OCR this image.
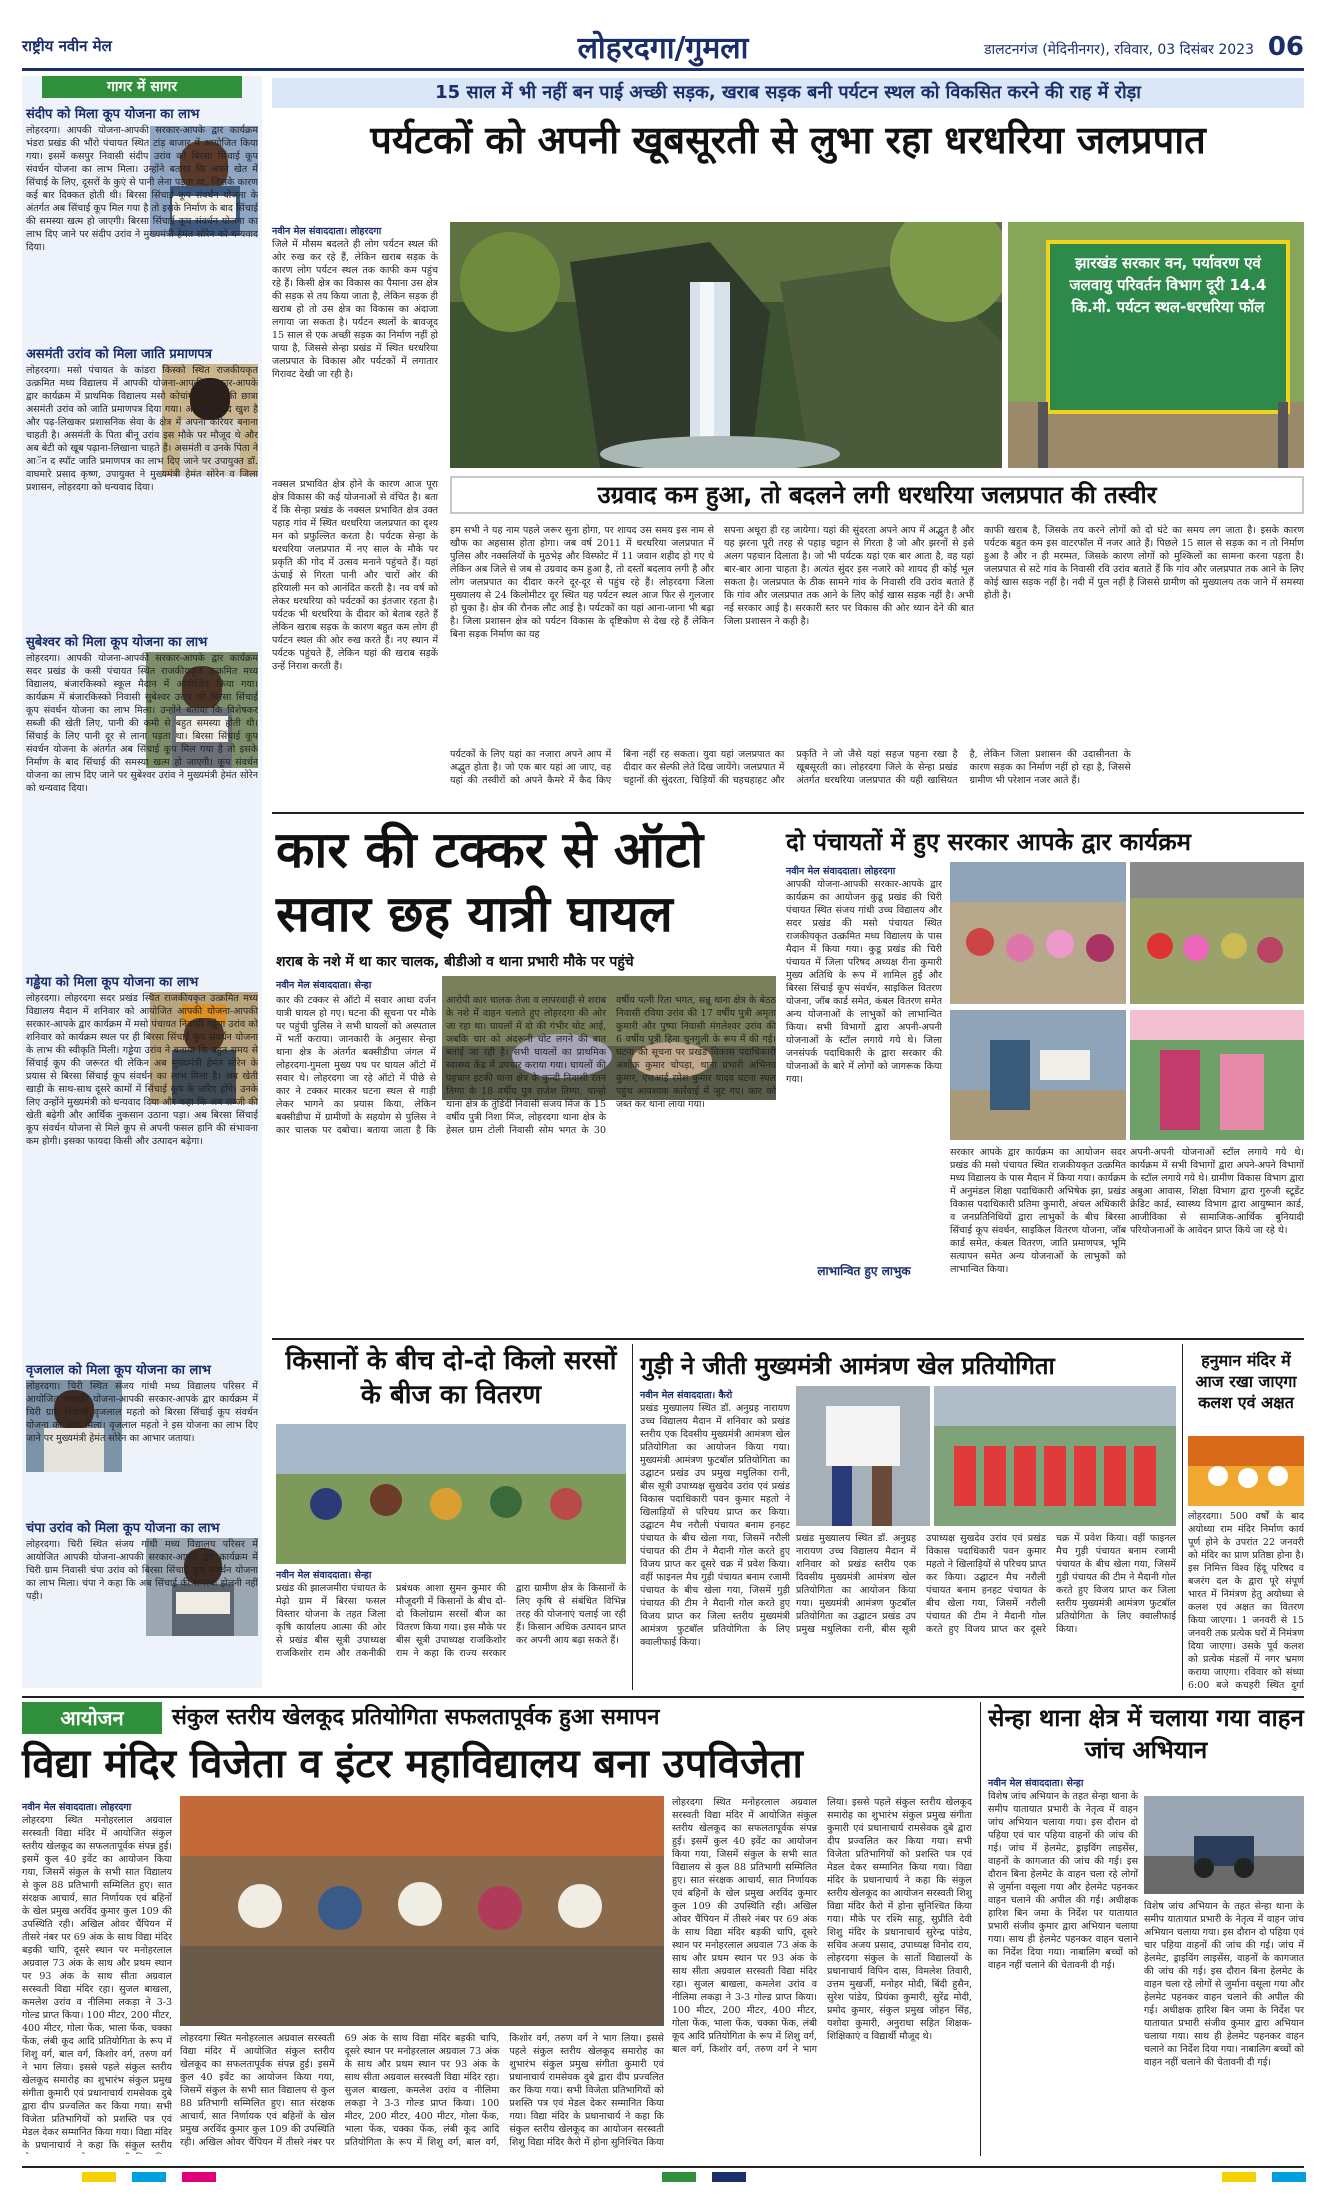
राष्ट्रीय नवीन मेल	लोहरदगा/गुमला	डालटनगंज (मेदिनीनगर), रविवार, 03 दिसंबर 2023 06
गागर में सागर
संदीप को मिला कूप योजना का लाभ
लोहरदगा। आपकी योजना-आपकी सरकार-आपके द्वार कार्यक्रम भंडरा प्रखंड की भौंरो पंचायत स्थित टांड़ बाजार में आयोजित किया गया। इसमें कसपुर निवासी संदीप उरांव को बिरसा सिंचाई कूप संवर्धन योजना का लाभ मिला। उन्होंने बताया कि अपने खेत में सिंचाई के लिए, दूसरों के कुएं से पानी लेना पड़ता था, जिसके कारण कई बार दिक्कत होती थी। बिरसा सिंचाई कूप संवर्धन योजना के अंतर्गत अब सिंचाई कूप मिल गया है तो इसके निर्माण के बाद सिंचाई की समस्या खत्म हो जाएगी। बिरसा सिंचाई कूप संवर्धन योजना का लाभ दिए जाने पर संदीप उरांव ने मुख्यमंत्री हेमंत सोरेन को धन्यवाद दिया।
असमंती उरांव को मिला जाति प्रमाणपत्र
लोहरदगा। मसो पंचायत के कांडरा किस्को स्थित राजकीयकृत उत्क्रमित मध्य विद्यालय में आपकी योजना-आपकी सरकार-आपके द्वार कार्यक्रम में प्राथमिक विद्यालय मसो कोचांगचों कक्षा की छात्रा असमंती उरांव को जाति प्रमाणपत्र दिया गया। असमंती बेहद खुश है और पढ़-लिखकर प्रशासनिक सेवा के क्षेत्र में अपना करियर बनाना चाहती है। असमंती के पिता बीनू उरांव इस मौके पर मौजूद थे और अब बेटी को खूब पढ़ाना-लिखाना चाहते हैं। असमंती व उनके पिता ने आॅन द स्पॉट जाति प्रमाणपत्र का लाभ दिए जाने पर उपायुक्त डॉ. वाघमारे प्रसाद कृष्ण, उपायुक्त ने मुख्यमंत्री हेमंत सोरेन व जिला प्रशासन, लोहरदगा को धन्यवाद दिया।
सुबेश्वर को मिला कूप योजना का लाभ
लोहरदगा। आपकी योजना-आपकी सरकार-आपके द्वार कार्यक्रम सदर प्रखंड के कसी पंचायत स्थित राजकीयकृत उत्क्रमित मध्य विद्यालय, बंजारकिस्को स्कूल मैदान में आयोजित किया गया। कार्यक्रम में बंजारकिस्को निवासी सुबेश्वर उरांव को बिरसा सिंचाई कूप संवर्धन योजना का लाभ मिला। उन्होंने बताया कि विशेषकर सब्जी की खेती लिए, पानी की कमी से बहुत समस्या होती थी। सिंचाई के लिए पानी दूर से लाना पड़ता था। बिरसा सिंचाई कूप संवर्धन योजना के अंतर्गत अब सिंचाई कूप मिल गया है तो इसके निर्माण के बाद सिंचाई की समस्या खत्म हो जाएगी। कूप संवर्धन योजना का लाभ दिए जाने पर सुबेश्वर उरांव ने मुख्यमंत्री हेमंत सोरेन को धन्यवाद दिया।
गड्ढेया को मिला कूप योजना का लाभ
लोहरदगा। लोहरदगा सदर प्रखंड स्थित राजकीयकृत उत्क्रमित मध्य विद्यालय मैदान में शनिवार को आयोजित आपकी योजना-आपकी सरकार-आपके द्वार कार्यक्रम में मसो पंचायत निवासी गड्ढेया उरांव को शनिवार को कार्यक्रम स्थल पर ही बिरसा सिंचाई कूप संवर्धन योजना के लाभ की स्वीकृति मिली। गड्ढेया उरांव ने बताया कि बहुत समय से सिंचाई कूप की जरूरत थी लेकिन अब मुख्यमंत्री हेमंत सोरेन के प्रयास से बिरसा सिंचाई कूप संवर्धन का लाभ मिला है। अब खेती खाड़ी के साथ-साथ दूसरे कामों में सिंचाई कूप के जरिए होंगे। उनके लिए उन्होंने मुख्यमंत्री को धन्यवाद दिया और कहा कि अब सब्जी की खेती बढ़ेगी और आर्थिक नुकसान उठाना पड़ा। अब बिरसा सिंचाई कूप संवर्धन योजना से मिले कूप से अपनी फसल हानि की संभावना कम होगी। इसका फायदा किसी और उत्पादन बढ़ेगा।
वृजलाल को मिला कूप योजना का लाभ
लोहरदगा। चिरी स्थित संजय गांधी मध्य विद्यालय परिसर में आयोजित आपकी योजना-आपकी सरकार-आपके द्वार कार्यक्रम में चिरी ग्राम निवासी वृजलाल महतो को बिरसा सिंचाई कूप संवर्धन योजना का लाभ मिला। वृजलाल महतो ने इस योजना का लाभ दिए जाने पर मुख्यमंत्री हेमंत सोरेन का आभार जताया।
चंपा उरांव को मिला कूप योजना का लाभ
लोहरदगा। चिरी स्थित संजय गांधी मध्य विद्यालय परिसर में आयोजित आपकी योजना-आपकी सरकार-आपके द्वार कार्यक्रम में चिरी ग्राम निवासी चंपा उरांव को बिरसा सिंचाई कूप संवर्धन योजना का लाभ मिला। चंपा ने कहा कि अब सिंचाई की समस्या झेलनी नहीं पड़ी।
15 साल में भी नहीं बन पाई अच्छी सड़क, खराब सड़क बनी पर्यटन स्थल को विकसित करने की राह में रोड़ा
पर्यटकों को अपनी खूबसूरती से लुभा रहा धरधरिया जलप्रपात
नवीन मेल संवाददाता। लोहरदगा
जिले में मौसम बदलते ही लोग पर्यटन स्थल की ओर रुख कर रहे हैं, लेकिन खराब सड़क के कारण लोग पर्यटन स्थल तक काफी कम पहुंच रहे हैं। किसी क्षेत्र का विकास का पैमाना उस क्षेत्र की सड़क से तय किया जाता है, लेकिन सड़क ही खराब हो तो उस क्षेत्र का विकास का अंदाजा लगाया जा सकता है। पर्यटन स्थलों के बावजूद 15 साल से एक अच्छी सड़क का निर्माण नहीं हो पाया है, जिससे सेन्हा प्रखंड में स्थित धरधरिया जलप्रपात के विकास और पर्यटकों में लगातार गिरावट देखी जा रही है।
नक्सल प्रभावित क्षेत्र होने के कारण आज पूरा क्षेत्र विकास की कई योजनाओं से वंचित है। बता दें कि सेन्हा प्रखंड के नक्सल प्रभावित क्षेत्र उक्त पहाड़ गांव में स्थित धरधरिया जलप्रपात का दृश्य मन को प्रफुल्लित करता है। पर्यटक सेन्हा के धरधरिया जलप्रपात में नए साल के मौके पर प्रकृति की गोद में उत्सव मनाने पहुंचते हैं। यहां ऊंचाई से गिरता पानी और चारों ओर की हरियाली मन को आनंदित करती है। नव वर्ष को लेकर धरधरिया को पर्यटकों का इंतजार रहता है। पर्यटक भी धरधरिया के दीदार को बेताब रहते हैं लेकिन खराब सड़क के कारण बहुत कम लोग ही पर्यटन स्थल की ओर रुख करते हैं। नए स्थान में पर्यटक पहुंचते हैं, लेकिन यहां की खराब सड़कें उन्हें निराश करती हैं।
झारखंड सरकार वन, पर्यावरण एवं जलवायु परिवर्तन विभाग दूरी 14.4 कि.मी. पर्यटन स्थल-धरधरिया फॉल
उग्रवाद कम हुआ, तो बदलने लगी धरधरिया जलप्रपात की तस्वीर
हम सभी ने यह नाम पहले जरूर सुना होगा, पर शायद उस समय इस नाम से खौफ का अहसास होता होगा। जब वर्ष 2011 में धरधरिया जलप्रपात में पुलिस और नक्सलियों के मुठभेड़ और विस्फोट में 11 जवान शहीद हो गए थे लेकिन अब जिले से जब से उग्रवाद कम हुआ है, तो दस्तों बदलाव लगी है और लोग जलप्रपात का दीदार करने दूर-दूर से पहुंच रहे हैं। लोहरदगा जिला मुख्यालय से 24 किलोमीटर दूर स्थित यह पर्यटन स्थल आज फिर से गुलजार हो चुका है। क्षेत्र की रौनक लौट आई है। पर्यटकों का यहां आना-जाना भी बढ़ा है। जिला प्रशासन क्षेत्र को पर्यटन विकास के दृष्टिकोण से देख रहे हैं लेकिन बिना सड़क निर्माण का यह
सपना अधूरा ही रह जायेगा। यहां की सुंदरता अपने आप में अद्भुत है और यह झरना पूरी तरह से पहाड़ चट्टान से गिरता है जो और झरनों से इसे अलग पहचान दिलाता है। जो भी पर्यटक यहां एक बार आता है, वह यहां बार-बार आना चाहता है। अत्यंत सुंदर इस नजारे को शायद ही कोई भूल सकता है। जलप्रपात के ठीक सामने गांव के निवासी रवि उरांव बताते हैं कि गांव और जलप्रपात तक आने के लिए कोई खास सड़क नहीं है। अभी नई सरकार आई है। सरकारी स्तर पर विकास की ओर ध्यान देने की बात जिला प्रशासन ने कही है।
काफी खराब है, जिसके तय करने लोगों को दो घंटे का समय लग जाता है। इसके कारण पर्यटक बहुत कम इस वाटरफॉल में नजर आते हैं। पिछले 15 साल से सड़क का न तो निर्माण हुआ है और न ही मरम्मत, जिसके कारण लोगों को मुश्किलों का सामना करना पड़ता है। जलप्रपात से सटे गांव के निवासी रवि उरांव बताते हैं कि गांव और जलप्रपात तक आने के लिए कोई खास सड़क नहीं है। नदी में पुल नहीं है जिससे ग्रामीण को मुख्यालय तक जाने में समस्या होती है।
पर्यटकों के लिए यहां का नजारा अपने आप में अद्भुत होता है। जो एक बार यहां आ जाए, वह यहां की तस्वीरों को अपने कैमरे में कैद किए बिना नहीं रह सकता। युवा यहां जलप्रपात का दीदार कर सेल्फी लेते दिख जायेंगे। जलप्रपात में चट्टानों की सुंदरता, चिड़ियों की चहचहाहट और प्रकृति ने जो जैसे यहां सहज पहना रखा है खूबसूरती का। लोहरदगा जिले के सेन्हा प्रखंड अंतर्गत धरधरिया जलप्रपात की यही खासियत है, लेकिन जिला प्रशासन की उदासीनता के कारण सड़क का निर्माण नहीं हो रहा है, जिससे ग्रामीण भी परेशान नजर आते हैं।
कार की टक्कर से ऑटो सवार छह यात्री घायल
शराब के नशे में था कार चालक, बीडीओ व थाना प्रभारी मौके पर पहुंचे
नवीन मेल संवाददाता। सेन्हा
कार की टक्कर से ऑटो में सवार आधा दर्जन यात्री घायल हो गए। घटना की सूचना पर मौके पर पहुंची पुलिस ने सभी घायलों को अस्पताल में भर्ती कराया। जानकारी के अनुसार सेन्हा थाना क्षेत्र के अंतर्गत बक्सीडीपा जंगल में लोहरदगा-गुमला मुख्य पथ पर घायल ऑटो में सवार थे। लोहरदगा जा रहे ऑटो में पीछे से कार ने टक्कर मारकर घटना स्थल से गाड़ी लेकर भागने का प्रयास किया, लेकिन बक्सीडीपा में ग्रामीणों के सहयोग से पुलिस ने कार चालक पर दबोचा। बताया जाता है कि आरोपी कार चालक तेजा व लापरवाही से शराब के नशे में वाहन चलाते हुए लोहरदगा की ओर जा रहा था। घायलों में दो की गंभीर चोट आई, जबकि चार को अंदरूनी चोट लगने की बात बताई जा रही है। सभी घायलों का प्राथमिक स्वास्थ्य केंद्र में उपचार कराया गया। घायलों की पहचान इटकी थाना क्षेत्र के कुन्दी निवासी रतन तिग्गा के 18 वर्षीय पुत्र राजेश तिग्गा, चान्हो थाना क्षेत्र के तुंडिदी निवासी संजय मिंज के 15 वर्षीय पुत्री निशा मिंज, लोहरदगा थाना क्षेत्र के हेसल ग्राम टोली निवासी सोम भगत के 30 वर्षीय पत्नी रिता भगत, सन्नू थाना क्षेत्र के बेठठ निवासी रविया उरांव की 17 वर्षीय पुत्री अमृता कुमारी और पुष्पा निवासी मंगलेश्वर उरांव की 6 वर्षीय पुत्री हिना चुनगुली के रूप में की गई। घटना की सूचना पर प्रखंड विकास पदाधिकारी अशोक कुमार चोपड़ा, थाना प्रभारी अभिनव कुमार, एसआई रमेश कुमार यादव घटना स्थल पहुंच आवश्यक कार्रवाई में जुट गए। कार को जब्त कर थाना लाया गया।
दो पंचायतों में हुए सरकार आपके द्वार कार्यक्रम
नवीन मेल संवाददाता। लोहरदगा
आपकी योजना-आपकी सरकार-आपके द्वार कार्यक्रम का आयोजन कुडू प्रखंड की चिरी पंचायत स्थित संजय गांधी उच्च विद्यालय और सदर प्रखंड की मसो पंचायत स्थित राजकीयकृत उत्क्रमित मध्य विद्यालय के पास मैदान में किया गया। कुडू प्रखंड की चिरी पंचायत में जिला परिषद अध्यक्ष रीना कुमारी मुख्य अतिथि के रूप में शामिल हुईं और बिरसा सिंचाई कूप संवर्धन, साइकिल वितरण योजना, जॉब कार्ड समेत, कंबल वितरण समेत अन्य योजनाओं के लाभुकों को लाभान्वित किया। सभी विभागों द्वारा अपनी-अपनी योजनाओं के स्टॉल लगाये गये थे। जिला जनसंपर्क पदाधिकारी के द्वारा सरकार की योजनाओं के बारे में लोगों को जागरूक किया गया।
सरकार आपके द्वार कार्यक्रम का आयोजन सदर प्रखंड की मसो पंचायत स्थित राजकीयकृत उत्क्रमित मध्य विद्यालय के पास मैदान में किया गया। कार्यक्रम में अनुमंडल शिक्षा पदाधिकारी अभिषेक झा, प्रखंड विकास पदाधिकारी प्रतिमा कुमारी, अंचल अधिकारी व जनप्रतिनिधियों द्वारा लाभुकों के बीच बिरसा सिंचाई कूप संवर्धन, साइकिल वितरण योजना, जॉब कार्ड समेत, कंबल वितरण, जाति प्रमाणपत्र, भूमि सत्यापन समेत अन्य योजनाओं के लाभुकों को लाभान्वित किया।
अपनी-अपनी योजनाओं स्टॉल लगाये गये थे। कार्यक्रम में सभी विभागों द्वारा अपने-अपने विभागों के स्टॉल लगाये गये थे। ग्रामीण विकास विभाग द्वारा अबुआ आवास, शिक्षा विभाग द्वारा गुरुजी स्टूडेंट क्रेडिट कार्ड, स्वास्थ्य विभाग द्वारा आयुष्मान कार्ड, आजीविका से सामाजिक-आर्थिक बुनियादी परियोजनाओं के आवेदन प्राप्त किये जा रहे थे।
लाभान्वित हुए लाभुक
किसानों के बीच दो-दो किलो सरसों के बीज का वितरण
नवीन मेल संवाददाता। सेन्हा
प्रखंड की झालजमीरा पंचायत के मेढ़ो ग्राम में बिरसा फसल विस्तार योजना के तहत जिला कृषि कार्यालय आत्मा की ओर से प्रखंड बीस सूत्री उपाध्यक्ष राजकिशोर राम और तकनीकी प्रबंधक आशा सुमन कुमार की मौजूदगी में किसानों के बीच दो-दो किलोग्राम सरसों बीज का वितरण किया गया। इस मौके पर बीस सूत्री उपाध्यक्ष राजकिशोर राम ने कहा कि राज्य सरकार द्वारा ग्रामीण क्षेत्र के किसानों के लिए कृषि से संबंधित विभिन्न तरह की योजनाएं चलाई जा रही हैं। किसान अधिक उत्पादन प्राप्त कर अपनी आय बढ़ा सकते हैं।
गुड़ी ने जीती मुख्यमंत्री आमंत्रण खेल प्रतियोगिता
नवीन मेल संवाददाता। कैरो
प्रखंड मुख्यालय स्थित डॉ. अनुग्रह नारायण उच्च विद्यालय मैदान में शनिवार को प्रखंड स्तरीय एक दिवसीय मुख्यमंत्री आमंत्रण खेल प्रतियोगिता का आयोजन किया गया। मुख्यमंत्री आमंत्रण फुटबॉल प्रतियोगिता का उद्घाटन प्रखंड उप प्रमुख मधुलिका रानी, बीस सूत्री उपाध्यक्ष सुखदेव उरांव एवं प्रखंड विकास पदाधिकारी पवन कुमार महतो ने खिलाड़ियों से परिचय प्राप्त कर किया। उद्घाटन मैच नरौली पंचायत बनाम हनहट पंचायत के बीच खेला गया, जिसमें नरौली पंचायत की टीम ने मैदानी गोल करते हुए विजय प्राप्त कर दूसरे चक्र में प्रवेश किया। वहीं फाइनल मैच गुड़ी पंचायत बनाम रजामी पंचायत के बीच खेला गया, जिसमें गुड़ी पंचायत की टीम ने मैदानी गोल करते हुए विजय प्राप्त कर जिला स्तरीय मुख्यमंत्री आमंत्रण फुटबॉल प्रतियोगिता के लिए क्वालीफाई किया।
प्रखंड मुख्यालय स्थित डॉ. अनुग्रह नारायण उच्च विद्यालय मैदान में शनिवार को प्रखंड स्तरीय एक दिवसीय मुख्यमंत्री आमंत्रण खेल प्रतियोगिता का आयोजन किया गया। मुख्यमंत्री आमंत्रण फुटबॉल प्रतियोगिता का उद्घाटन प्रखंड उप प्रमुख मधुलिका रानी, बीस सूत्री उपाध्यक्ष सुखदेव उरांव एवं प्रखंड विकास पदाधिकारी पवन कुमार महतो ने खिलाड़ियों से परिचय प्राप्त कर किया। उद्घाटन मैच नरौली पंचायत बनाम हनहट पंचायत के बीच खेला गया, जिसमें नरौली पंचायत की टीम ने मैदानी गोल करते हुए विजय प्राप्त कर दूसरे चक्र में प्रवेश किया। वहीं फाइनल मैच गुड़ी पंचायत बनाम रजामी पंचायत के बीच खेला गया, जिसमें गुड़ी पंचायत की टीम ने मैदानी गोल करते हुए विजय प्राप्त कर जिला स्तरीय मुख्यमंत्री आमंत्रण फुटबॉल प्रतियोगिता के लिए क्वालीफाई किया।
हनुमान मंदिर में आज रखा जाएगा कलश एवं अक्षत
लोहरदगा। 500 वर्षों के बाद अयोध्या राम मंदिर निर्माण कार्य पूर्ण होने के उपरांत 22 जनवरी को मंदिर का प्राण प्रतिष्ठा होना है। इस निमित्त विश्व हिंदू परिषद व बजरंग दल के द्वारा पूरे संपूर्ण भारत में निमंत्रण हेतु अयोध्या से कलश एवं अक्षत का वितरण किया जाएगा। 1 जनवरी से 15 जनवरी तक प्रत्येक घरों में निमंत्रण दिया जाएगा। उसके पूर्व कलश को प्रत्येक मंडलों में नगर भ्रमण कराया जाएगा। रविवार को संध्या 6:00 बजे कचहरी स्थित दुर्गा
आयोजन	संकुल स्तरीय खेलकूद प्रतियोगिता सफलतापूर्वक हुआ समापन
विद्या मंदिर विजेता व इंटर महाविद्यालय बना उपविजेता
नवीन मेल संवाददाता। लोहरदगा
लोहरदगा स्थित मनोहरलाल अग्रवाल सरस्वती विद्या मंदिर में आयोजित संकुल स्तरीय खेलकूद का सफलतापूर्वक संपन्न हुई। इसमें कुल 40 इवेंट का आयोजन किया गया, जिसमें संकुल के सभी सात विद्यालय से कुल 88 प्रतिभागी सम्मिलित हुए। सात संरक्षक आचार्य, सात निर्णायक एवं बहिनों के खेल प्रमुख अरविंद कुमार कुल 109 की उपस्थिति रही। अखिल ओवर चैंपियन में तीसरे नंबर पर 69 अंक के साथ विद्या मंदिर बड़की चापि, दूसरे स्थान पर मनोहरलाल अग्रवाल 73 अंक के साथ और प्रथम स्थान पर 93 अंक के साथ सीता अग्रवाल सरस्वती विद्या मंदिर रहा। सुजल बाखला, कमलेश उरांव व नीलिमा लकड़ा ने 3-3 गोल्ड प्राप्त किया। 100 मीटर, 200 मीटर, 400 मीटर, गोला फेंक, भाला फेंक, चक्का फेंक, लंबी कूद आदि प्रतियोगिता के रूप में शिशु वर्ग, बाल वर्ग, किशोर वर्ग, तरुण वर्ग ने भाग लिया। इससे पहले संकुल स्तरीय खेलकूद समारोह का शुभारंभ संकुल प्रमुख संगीता कुमारी एवं प्रधानाचार्य रामसेवक दुबे द्वारा दीप प्रज्वलित कर किया गया। सभी विजेता प्रतिभागियों को प्रशस्ति पत्र एवं मेडल देकर सम्मानित किया गया। विद्या मंदिर के प्रधानाचार्य ने कहा कि संकुल स्तरीय
लोहरदगा स्थित मनोहरलाल अग्रवाल सरस्वती विद्या मंदिर में आयोजित संकुल स्तरीय खेलकूद का सफलतापूर्वक संपन्न हुई। इसमें कुल 40 इवेंट का आयोजन किया गया, जिसमें संकुल के सभी सात विद्यालय से कुल 88 प्रतिभागी सम्मिलित हुए। सात संरक्षक आचार्य, सात निर्णायक एवं बहिनों के खेल प्रमुख अरविंद कुमार कुल 109 की उपस्थिति रही। अखिल ओवर चैंपियन में तीसरे नंबर पर 69 अंक के साथ विद्या मंदिर बड़की चापि, दूसरे स्थान पर मनोहरलाल अग्रवाल 73 अंक के साथ और प्रथम स्थान पर 93 अंक के साथ सीता अग्रवाल सरस्वती विद्या मंदिर रहा। सुजल बाखला, कमलेश उरांव व नीलिमा लकड़ा ने 3-3 गोल्ड प्राप्त किया। 100 मीटर, 200 मीटर, 400 मीटर, गोला फेंक, भाला फेंक, चक्का फेंक, लंबी कूद आदि प्रतियोगिता के रूप में शिशु वर्ग, बाल वर्ग, किशोर वर्ग, तरुण वर्ग ने भाग लिया। इससे पहले संकुल स्तरीय खेलकूद समारोह का शुभारंभ संकुल प्रमुख संगीता कुमारी एवं प्रधानाचार्य रामसेवक दुबे द्वारा दीप प्रज्वलित कर किया गया। सभी विजेता प्रतिभागियों को प्रशस्ति पत्र एवं मेडल देकर सम्मानित किया गया। विद्या मंदिर के प्रधानाचार्य ने कहा कि संकुल स्तरीय खेलकूद का आयोजन सरस्वती शिशु विद्या मंदिर कैरो में होना सुनिश्चित किया
लोहरदगा स्थित मनोहरलाल अग्रवाल सरस्वती विद्या मंदिर में आयोजित संकुल स्तरीय खेलकूद का सफलतापूर्वक संपन्न हुई। इसमें कुल 40 इवेंट का आयोजन किया गया, जिसमें संकुल के सभी सात विद्यालय से कुल 88 प्रतिभागी सम्मिलित हुए। सात संरक्षक आचार्य, सात निर्णायक एवं बहिनों के खेल प्रमुख अरविंद कुमार कुल 109 की उपस्थिति रही। अखिल ओवर चैंपियन में तीसरे नंबर पर 69 अंक के साथ विद्या मंदिर बड़की चापि, दूसरे स्थान पर मनोहरलाल अग्रवाल 73 अंक के साथ और प्रथम स्थान पर 93 अंक के साथ सीता अग्रवाल सरस्वती विद्या मंदिर रहा। सुजल बाखला, कमलेश उरांव व नीलिमा लकड़ा ने 3-3 गोल्ड प्राप्त किया। 100 मीटर, 200 मीटर, 400 मीटर, गोला फेंक, भाला फेंक, चक्का फेंक, लंबी कूद आदि प्रतियोगिता के रूप में शिशु वर्ग, बाल वर्ग, किशोर वर्ग, तरुण वर्ग ने भाग लिया। इससे पहले संकुल स्तरीय खेलकूद समारोह का शुभारंभ संकुल प्रमुख संगीता कुमारी एवं प्रधानाचार्य रामसेवक दुबे द्वारा दीप प्रज्वलित कर किया गया। सभी विजेता प्रतिभागियों को प्रशस्ति पत्र एवं मेडल देकर सम्मानित किया गया। विद्या मंदिर के प्रधानाचार्य ने कहा कि संकुल स्तरीय खेलकूद का आयोजन सरस्वती शिशु विद्या मंदिर कैरो में होना सुनिश्चित किया गया। मौके पर रश्मि साहू, सुप्रीति देवी शिशु मंदिर के प्रधानाचार्य सुरेन्द्र पांडेय, सचिव अजय प्रसाद, उपाध्यक्ष विनोद राय, लोहरदगा संकुल के सातों विद्यालयों के प्रधानाचार्य विपिन दास, विमलेश तिवारी, उत्तम मुखर्जी, मनोहर मोदी, बिंदी हुसैन, सुरेश पांडेय, प्रियंका कुमारी, सुरेंद्र मोदी, प्रमोद कुमार, संकुल प्रमुख जोहन सिंह, यशोदा कुमारी, अनुराधा सहित शिक्षक-शिक्षिकाएं व विद्यार्थी मौजूद थे।
सेन्हा थाना क्षेत्र में चलाया गया वाहन जांच अभियान
नवीन मेल संवाददाता। सेन्हा
विशेष जांच अभियान के तहत सेन्हा थाना के समीप यातायात प्रभारी के नेतृत्व में वाहन जांच अभियान चलाया गया। इस दौरान दो पहिया एवं चार पहिया वाहनों की जांच की गई। जांच में हेलमेट, ड्राइविंग लाइसेंस, वाहनों के कागजात की जांच की गई। इस दौरान बिना हेलमेट के वाहन चला रहे लोगों से जुर्माना वसूला गया और हेलमेट पहनकर वाहन चलाने की अपील की गई। अधीक्षक हारिश बिन जमा के निर्देश पर यातायात प्रभारी संजीव कुमार द्वारा अभियान चलाया गया। साथ ही हेलमेट पहनकर वाहन चलाने का निर्देश दिया गया। नाबालिग बच्चों को वाहन नहीं चलाने की चेतावनी दी गई।
विशेष जांच अभियान के तहत सेन्हा थाना के समीप यातायात प्रभारी के नेतृत्व में वाहन जांच अभियान चलाया गया। इस दौरान दो पहिया एवं चार पहिया वाहनों की जांच की गई। जांच में हेलमेट, ड्राइविंग लाइसेंस, वाहनों के कागजात की जांच की गई। इस दौरान बिना हेलमेट के वाहन चला रहे लोगों से जुर्माना वसूला गया और हेलमेट पहनकर वाहन चलाने की अपील की गई। अधीक्षक हारिश बिन जमा के निर्देश पर यातायात प्रभारी संजीव कुमार द्वारा अभियान चलाया गया। साथ ही हेलमेट पहनकर वाहन चलाने का निर्देश दिया गया। नाबालिग बच्चों को वाहन नहीं चलाने की चेतावनी दी गई।
